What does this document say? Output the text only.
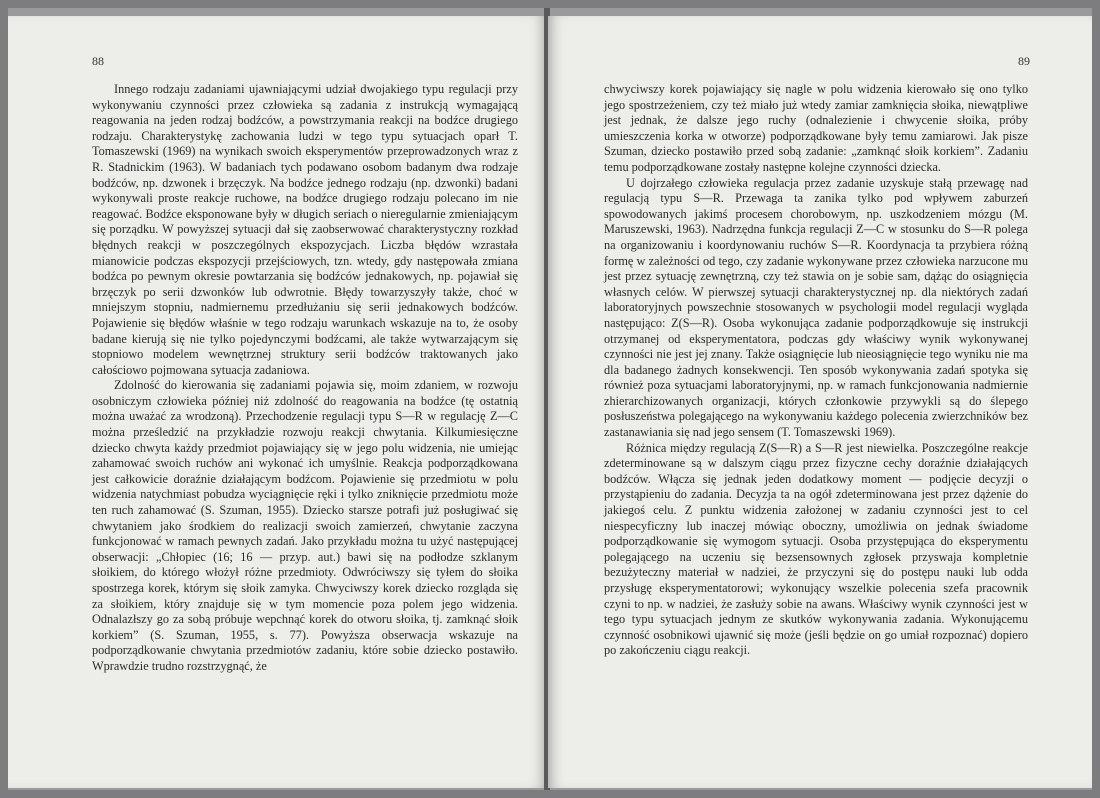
88

Innego rodzaju zadaniami ujawniającymi udział dwojakiego typu regulacji przy wykonywaniu czynności przez człowieka są zadania z instrukcją wymagającą reagowania na jeden rodzaj bodźców, a powstrzymania reakcji na bodźce drugiego rodzaju. Charakterystykę zachowania ludzi w tego typu sytuacjach oparł T. Tomaszewski (1969) na wynikach swoich eksperymentów przeprowadzonych wraz z R. Stadnickim (1963). W badaniach tych podawano osobom badanym dwa rodzaje bodźców, np. dzwonek i brzęczyk. Na bodźce jednego rodzaju (np. dzwonki) badani wykonywali proste reakcje ruchowe, na bodźce drugiego rodzaju polecano im nie reagować. Bodźce eksponowane były w długich seriach o nieregularnie zmieniającym się porządku. W powyższej sytuacji dał się zaobserwować charakterystyczny rozkład błędnych reakcji w poszczególnych ekspozycjach. Liczba błędów wzrastała mianowicie podczas ekspozycji przejściowych, tzn. wtedy, gdy następowała zmiana bodźca po pewnym okresie powtarzania się bodźców jednakowych, np. pojawiał się brzęczyk po serii dzwonków lub odwrotnie. Błędy towarzyszyły także, choć w mniejszym stopniu, nadmiernemu przedłużaniu się serii jednakowych bodźców. Pojawienie się błędów właśnie w tego rodzaju warunkach wskazuje na to, że osoby badane kierują się nie tylko pojedynczymi bodźcami, ale także wytwarzającym się stopniowo modelem wewnętrznej struktury serii bodźców traktowanych jako całościowo pojmowana sytuacja zadaniowa.

Zdolność do kierowania się zadaniami pojawia się, moim zdaniem, w rozwoju osobniczym człowieka później niż zdolność do reagowania na bodźce (tę ostatnią można uważać za wrodzoną). Przechodzenie regulacji typu S—R w regulację Z—C można prześledzić na przykładzie rozwoju reakcji chwytania. Kilkumiesięczne dziecko chwyta każdy przedmiot pojawiający się w jego polu widzenia, nie umiejąc zahamować swoich ruchów ani wykonać ich umyślnie. Reakcja podporządkowana jest całkowicie doraźnie działającym bodźcom. Pojawienie się przedmiotu w polu widzenia natychmiast pobudza wyciągnięcie ręki i tylko zniknięcie przedmiotu może ten ruch zahamować (S. Szuman, 1955). Dziecko starsze potrafi już posługiwać się chwytaniem jako środkiem do realizacji swoich zamierzeń, chwytanie zaczyna funkcjonować w ramach pewnych zadań. Jako przykładu można tu użyć następującej obserwacji: „Chłopiec (16; 16 — przyp. aut.) bawi się na podłodze szklanym słoikiem, do którego włożył różne przedmioty. Odwróciwszy się tyłem do słoika spostrzega korek, którym się słoik zamyka. Chwyciwszy korek dziecko rozgląda się za słoikiem, który znajduje się w tym momencie poza polem jego widzenia. Odnalazłszy go za sobą próbuje wepchnąć korek do otworu słoika, tj. zamknąć słoik korkiem” (S. Szuman, 1955, s. 77). Powyższa obserwacja wskazuje na podporządkowanie chwytania przedmiotów zadaniu, które sobie dziecko postawiło. Wprawdzie trudno rozstrzygnąć, że

89

chwyciwszy korek pojawiający się nagle w polu widzenia kierowało się ono tylko jego spostrzeżeniem, czy też miało już wtedy zamiar zamknięcia słoika, niewątpliwe jest jednak, że dalsze jego ruchy (odnalezienie i chwycenie słoika, próby umieszczenia korka w otworze) podporządkowane były temu zamiarowi. Jak pisze Szuman, dziecko postawiło przed sobą zadanie: „zamknąć słoik korkiem”. Zadaniu temu podporządkowane zostały następne kolejne czynności dziecka.

U dojrzałego człowieka regulacja przez zadanie uzyskuje stałą przewagę nad regulacją typu S—R. Przewaga ta zanika tylko pod wpływem zaburzeń spowodowanych jakimś procesem chorobowym, np. uszkodzeniem mózgu (M. Maruszewski, 1963). Nadrzędna funkcja regulacji Z—C w stosunku do S—R polega na organizowaniu i koordynowaniu ruchów S—R. Koordynacja ta przybiera różną formę w zależności od tego, czy zadanie wykonywane przez człowieka narzucone mu jest przez sytuację zewnętrzną, czy też stawia on je sobie sam, dążąc do osiągnięcia własnych celów. W pierwszej sytuacji charakterystycznej np. dla niektórych zadań laboratoryjnych powszechnie stosowanych w psychologii model regulacji wygląda następująco: Z(S—R). Osoba wykonująca zadanie podporządkowuje się instrukcji otrzymanej od eksperymentatora, podczas gdy właściwy wynik wykonywanej czynności nie jest jej znany. Także osiągnięcie lub nieosiągnięcie tego wyniku nie ma dla badanego żadnych konsekwencji. Ten sposób wykonywania zadań spotyka się również poza sytuacjami laboratoryjnymi, np. w ramach funkcjonowania nadmiernie zhierarchizowanych organizacji, których członkowie przywykli są do ślepego posłuszeństwa polegającego na wykonywaniu każdego polecenia zwierzchników bez zastanawiania się nad jego sensem (T. Tomaszewski 1969).

Różnica między regulacją Z(S—R) a S—R jest niewielka. Poszczególne reakcje zdeterminowane są w dalszym ciągu przez fizyczne cechy doraźnie działających bodźców. Włącza się jednak jeden dodatkowy moment — podjęcie decyzji o przystąpieniu do zadania. Decyzja ta na ogół zdeterminowana jest przez dążenie do jakiegoś celu. Z punktu widzenia założonej w zadaniu czynności jest to cel niespecyficzny lub inaczej mówiąc oboczny, umożliwia on jednak świadome podporządkowanie się wymogom sytuacji. Osoba przystępująca do eksperymentu polegającego na uczeniu się bezsensownych zgłosek przyswaja kompletnie bezużyteczny materiał w nadziei, że przyczyni się do postępu nauki lub odda przysługę eksperymentatorowi; wykonujący wszelkie polecenia szefa pracownik czyni to np. w nadziei, że zasłuży sobie na awans. Właściwy wynik czynności jest w tego typu sytuacjach jednym ze skutków wykonywania zadania. Wykonującemu czynność osobnikowi ujawnić się może (jeśli będzie on go umiał rozpoznać) dopiero po zakończeniu ciągu reakcji.
